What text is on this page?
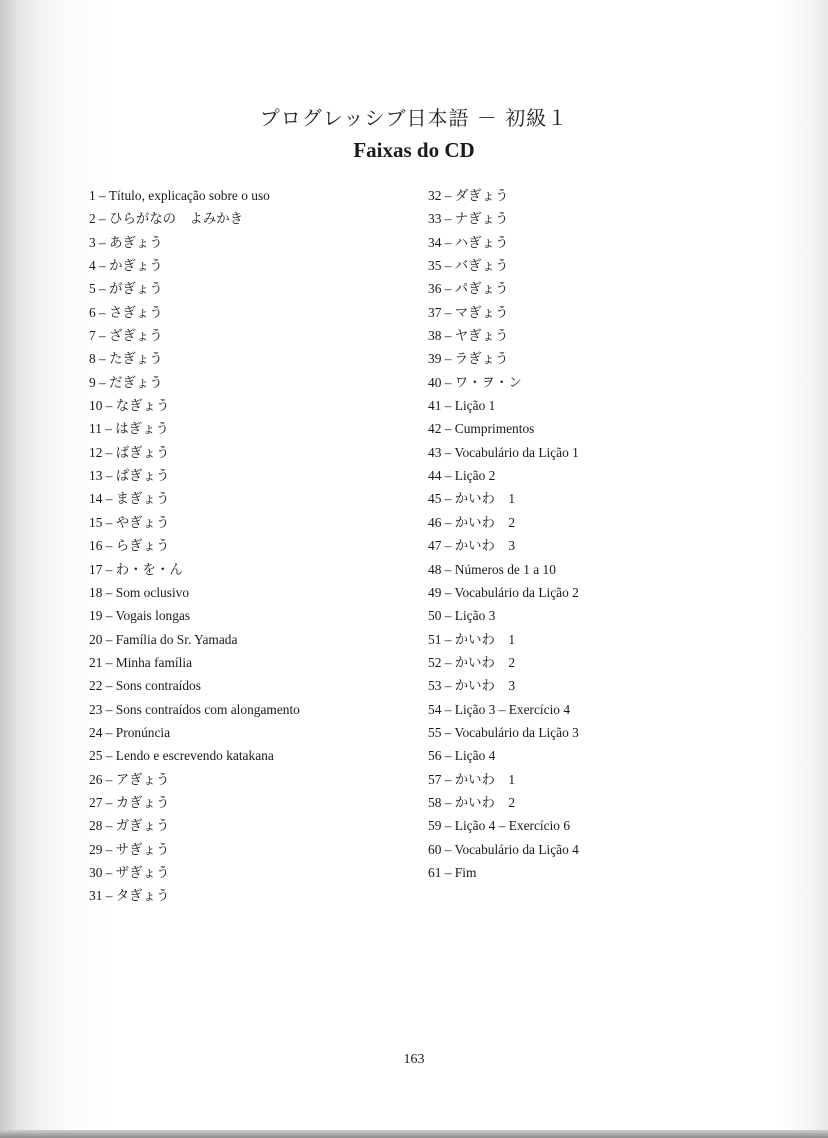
プログレッシブ日本語 － 初級１
Faixas do CD
1 – Título, explicação sobre o uso
2 – ひらがなの　よみかき
3 – あぎょう
4 – かぎょう
5 – がぎょう
6 – さぎょう
7 – ざぎょう
8 – たぎょう
9 – だぎょう
10 – なぎょう
11 – はぎょう
12 – ばぎょう
13 – ぱぎょう
14 – まぎょう
15 – やぎょう
16 – らぎょう
17 – わ・を・ん
18 – Som oclusivo
19 – Vogais longas
20 – Família do Sr. Yamada
21 – Minha família
22 – Sons contraídos
23 – Sons contraídos com alongamento
24 – Pronúncia
25 – Lendo e escrevendo katakana
26 – アぎょう
27 – カぎょう
28 – ガぎょう
29 – サぎょう
30 – ザぎょう
31 – タぎょう
32 – ダぎょう
33 – ナぎょう
34 – ハぎょう
35 – バぎょう
36 – パぎょう
37 – マぎょう
38 – ヤぎょう
39 – ラぎょう
40 – ワ・ヲ・ン
41 – Lição 1
42 – Cumprimentos
43 – Vocabulário da Lição 1
44 – Lição 2
45 – かいわ　1
46 – かいわ　2
47 – かいわ　3
48 – Números de 1 a 10
49 – Vocabulário da Lição 2
50 – Lição 3
51 – かいわ　1
52 – かいわ　2
53 – かいわ　3
54 – Lição 3 – Exercício 4
55 – Vocabulário da Lição 3
56 – Lição 4
57 – かいわ　1
58 – かいわ　2
59 – Lição 4 – Exercício 6
60 – Vocabulário da Lição 4
61 – Fim
163
